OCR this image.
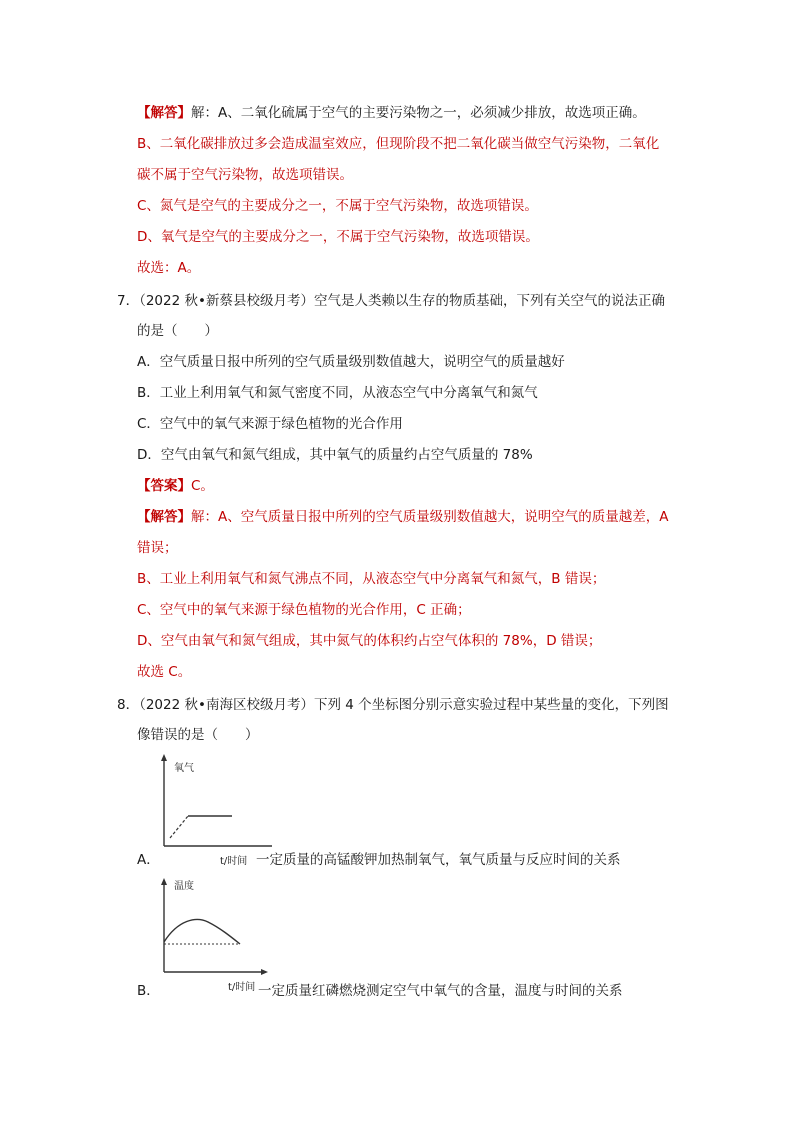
【解答】解：A、二氧化硫属于空气的主要污染物之一，必须减少排放，故选项正确。
B、二氧化碳排放过多会造成温室效应，但现阶段不把二氧化碳当做空气污染物，二氧化
碳不属于空气污染物，故选项错误。
C、氮气是空气的主要成分之一，不属于空气污染物，故选项错误。
D、氧气是空气的主要成分之一，不属于空气污染物，故选项错误。
故选：A。
7．（2022 秋•新蔡县校级月考）空气是人类赖以生存的物质基础，下列有关空气的说法正确
的是（　　）
A．空气质量日报中所列的空气质量级别数值越大，说明空气的质量越好
B．工业上利用氧气和氮气密度不同，从液态空气中分离氧气和氮气
C．空气中的氧气来源于绿色植物的光合作用
D．空气由氧气和氮气组成，其中氧气的质量约占空气质量的 78%
【答案】C。
【解答】解：A、空气质量日报中所列的空气质量级别数值越大，说明空气的质量越差，A
错误；
B、工业上利用氧气和氮气沸点不同，从液态空气中分离氧气和氮气，B 错误；
C、空气中的氧气来源于绿色植物的光合作用，C 正确；
D、空气由氧气和氮气组成，其中氮气的体积约占空气体积的 78%，D 错误；
故选 C。
8．（2022 秋•南海区校级月考）下列 4 个坐标图分别示意实验过程中某些量的变化，下列图
像错误的是（　　）
氧气
t/时间
A．	一定质量的高锰酸钾加热制氧气，氧气质量与反应时间的关系
温度
t/时间
B．	一定质量红磷燃烧测定空气中氧气的含量，温度与时间的关系
